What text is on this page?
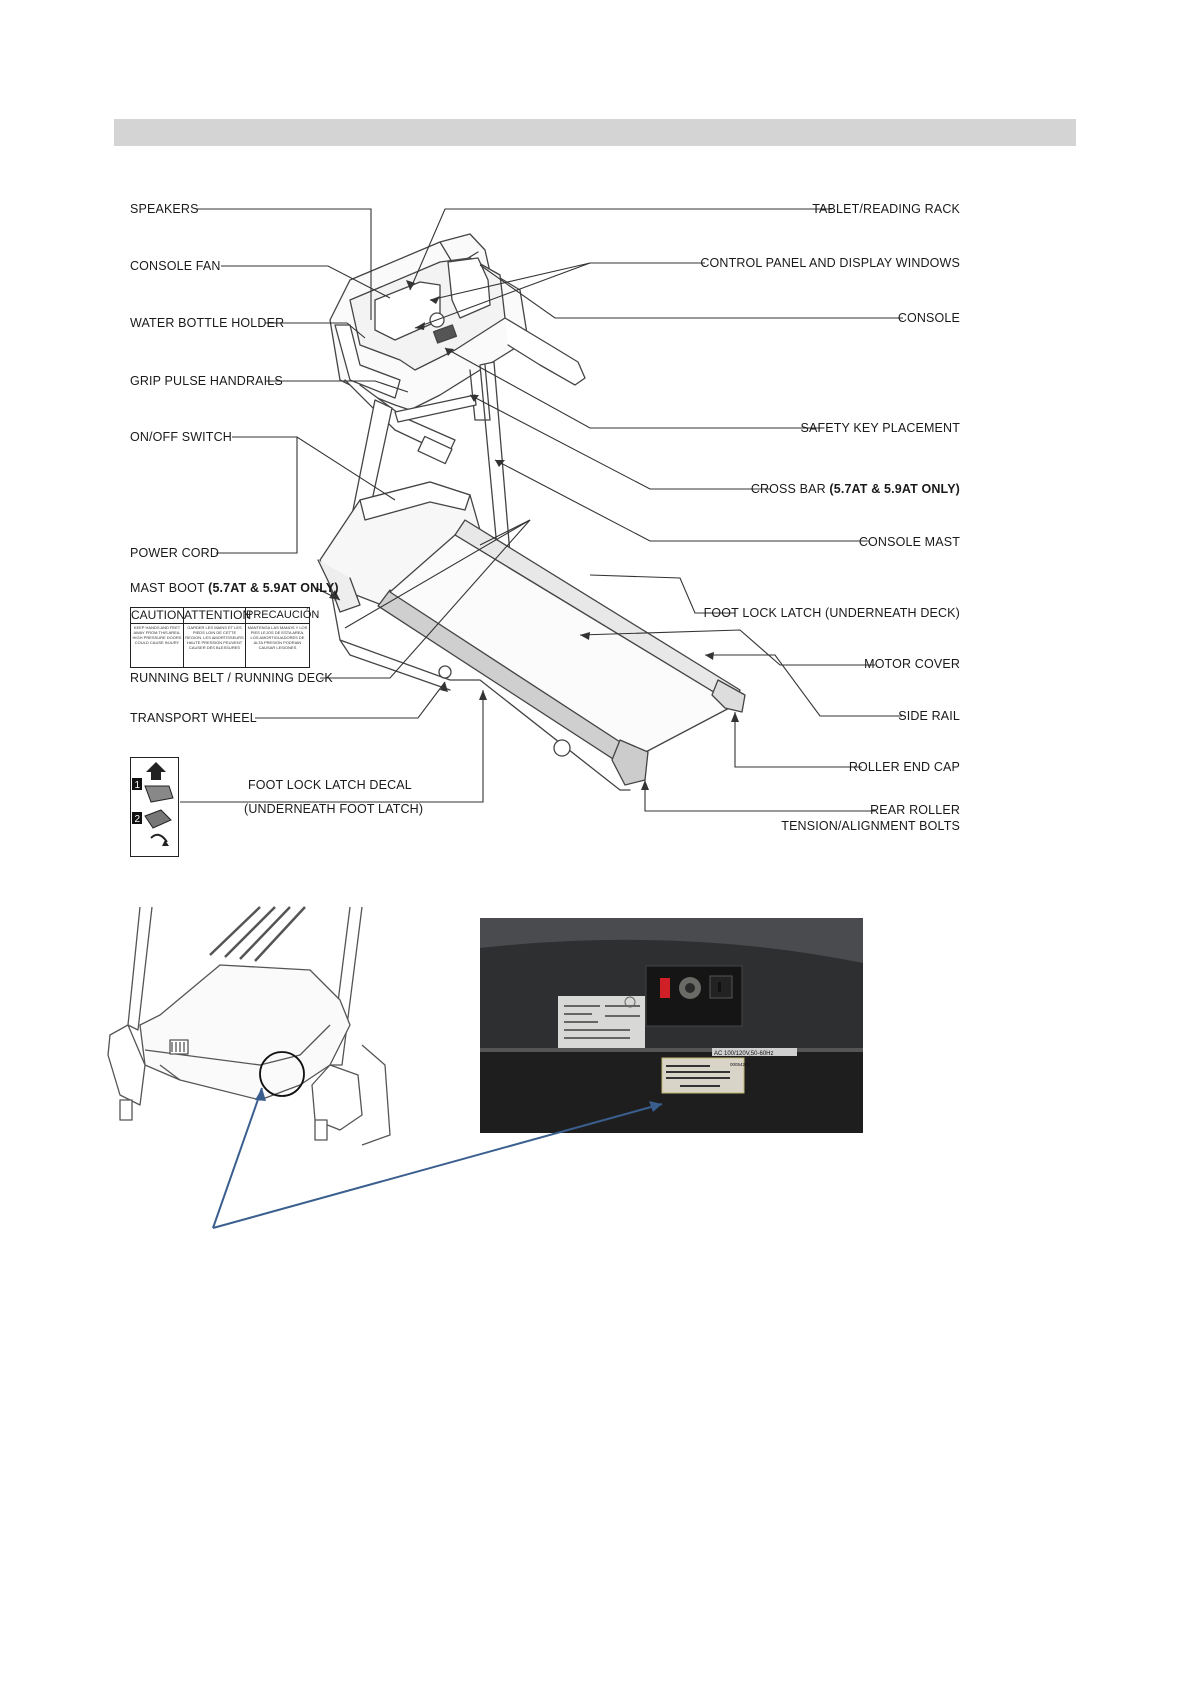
SPEAKERS
CONSOLE FAN
WATER BOTTLE HOLDER
GRIP PULSE HANDRAILS
ON/OFF SWITCH
POWER CORD
MAST BOOT (5.7AT & 5.9AT ONLY)
RUNNING BELT / RUNNING DECK
TRANSPORT WHEEL
CAUTION
KEEP HANDS AND FEET AWAY FROM THIS AREA. HIGH PRESSURE DOORS COULD CAUSE INJURY
ATTENTION
GARDER LES MAINS ET LES PIEDS LOIN DE CETTE REGION. LES AMORTISSEURS HAUTE PRESSION PEUVENT CAUSER DES BLESSURES
PRECAUCIÓN
MANTENGA LAS MANOS Y LOS PIES LEJOS DE ESTA AREA. LOS AMORTIGUADORES DE ALTA PRESION PODRIAN CAUSAR LESIONES
1
2
FOOT LOCK LATCH DECAL
(UNDERNEATH FOOT LATCH)
TABLET/READING RACK
CONTROL PANEL AND DISPLAY WINDOWS
CONSOLE
SAFETY KEY PLACEMENT
CROSS BAR (5.7AT & 5.9AT ONLY)
CONSOLE MAST
FOOT LOCK LATCH (UNDERNEATH DECK)
MOTOR COVER
SIDE RAIL
ROLLER END CAP
REAR ROLLER
TENSION/ALIGNMENT BOLTS
AC 100/120V,50-60Hz
00054211
